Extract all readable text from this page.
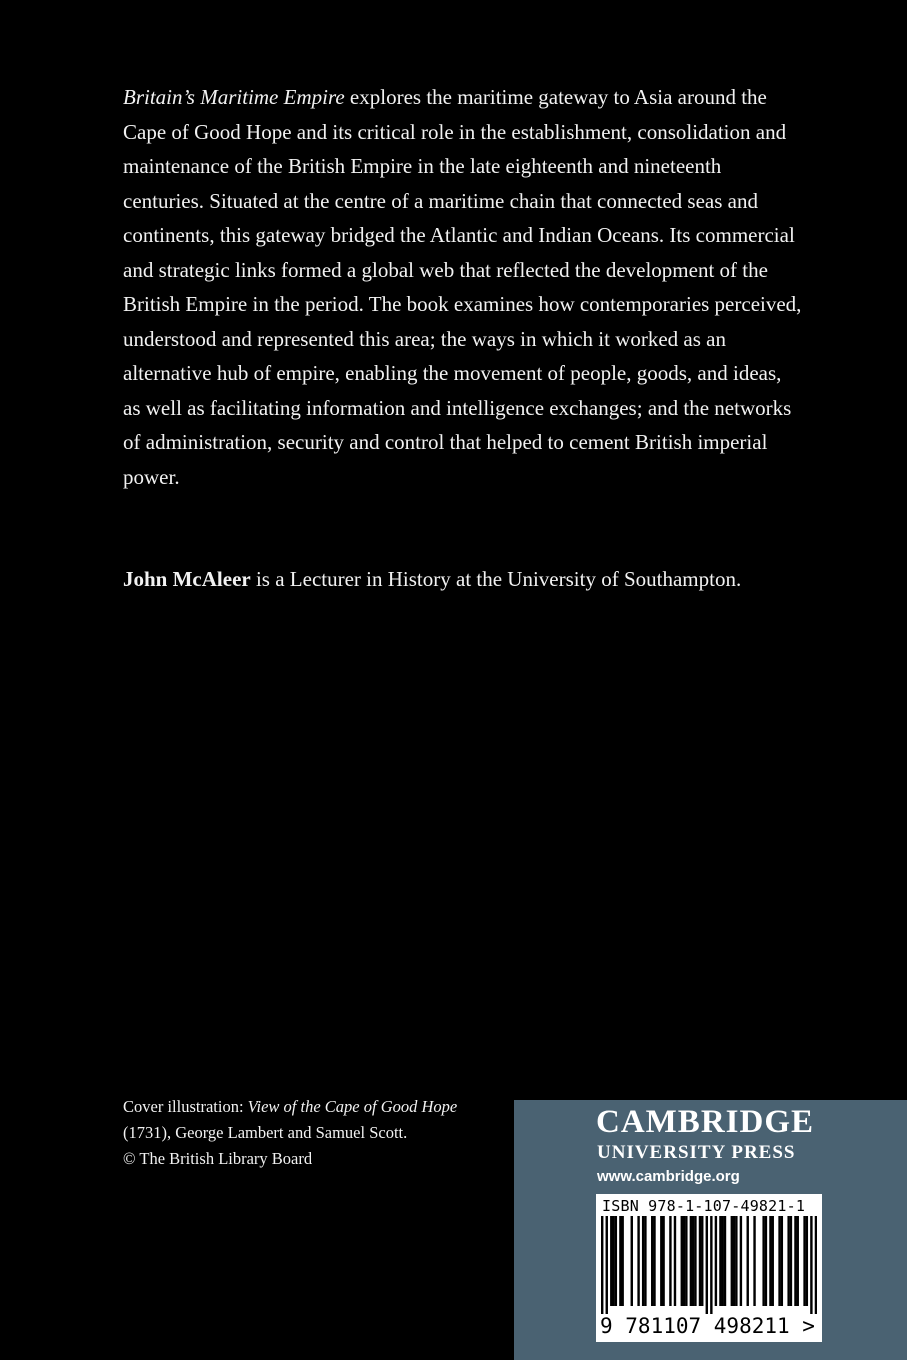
Britain’s Maritime Empire explores the maritime gateway to Asia around the Cape of Good Hope and its critical role in the establishment, consolidation and maintenance of the British Empire in the late eighteenth and nineteenth centuries. Situated at the centre of a maritime chain that connected seas and continents, this gateway bridged the Atlantic and Indian Oceans. Its commercial and strategic links formed a global web that reflected the development of the British Empire in the period. The book examines how contemporaries perceived, understood and represented this area; the ways in which it worked as an alternative hub of empire, enabling the movement of people, goods, and ideas, as well as facilitating information and intelligence exchanges; and the networks of administration, security and control that helped to cement British imperial power.

John McAleer is a Lecturer in History at the University of Southampton.

Cover illustration: View of the Cape of Good Hope (1731), George Lambert and Samuel Scott.
© The British Library Board

CAMBRIDGE
UNIVERSITY PRESS
www.cambridge.org
ISBN 978-1-107-49821-1
9 781107 498211 >
